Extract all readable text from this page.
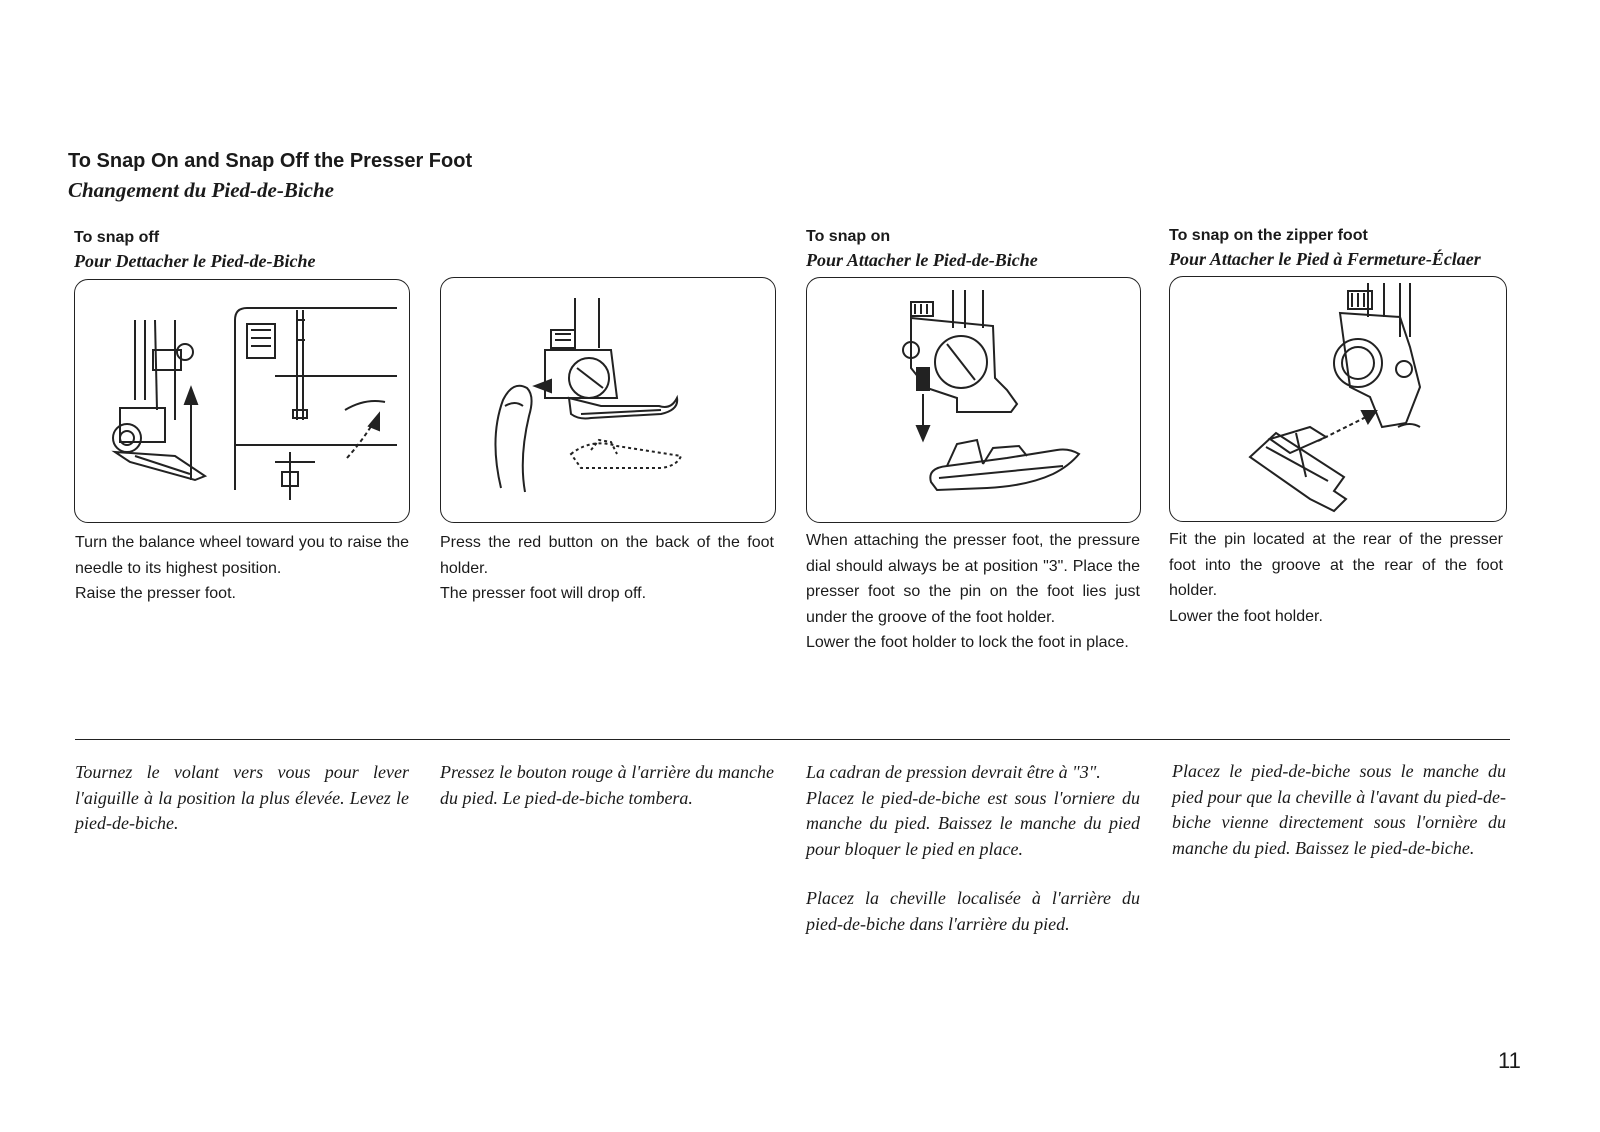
To Snap On and Snap Off the Presser Foot
Changement du Pied-de-Biche
To snap off
Pour Dettacher le Pied-de-Biche
To snap on
Pour Attacher le Pied-de-Biche
To snap on the zipper foot
Pour Attacher le Pied à Fermeture-Éclaer

Turn the balance wheel toward you to raise the needle to its highest position.

Raise the presser foot.

Press the red button on the back of the foot holder.

The presser foot will drop off.

When attaching the presser foot, the pressure dial should always be at position "3". Place the presser foot so the pin on the foot lies just under the groove of the foot holder.

Lower the foot holder to lock the foot in place.

Fit the pin located at the rear of the presser foot into the groove at the rear of the foot holder.

Lower the foot holder.

Tournez le volant vers vous pour lever l'aiguille à la position la plus élevée. Levez le pied-de-biche.

Pressez le bouton rouge à l'arrière du manche du pied. Le pied-de-biche tombera.

La cadran de pression devrait être à "3".

Placez le pied-de-biche est sous l'orniere du manche du pied. Baissez le manche du pied pour bloquer le pied en place.

Placez la cheville localisée à l'arrière du pied-de-biche dans l'arrière du pied.

Placez le pied-de-biche sous le manche du pied pour que la cheville à l'avant du pied-de-biche vienne directement sous l'ornière du manche du pied. Baissez le pied-de-biche.

11
